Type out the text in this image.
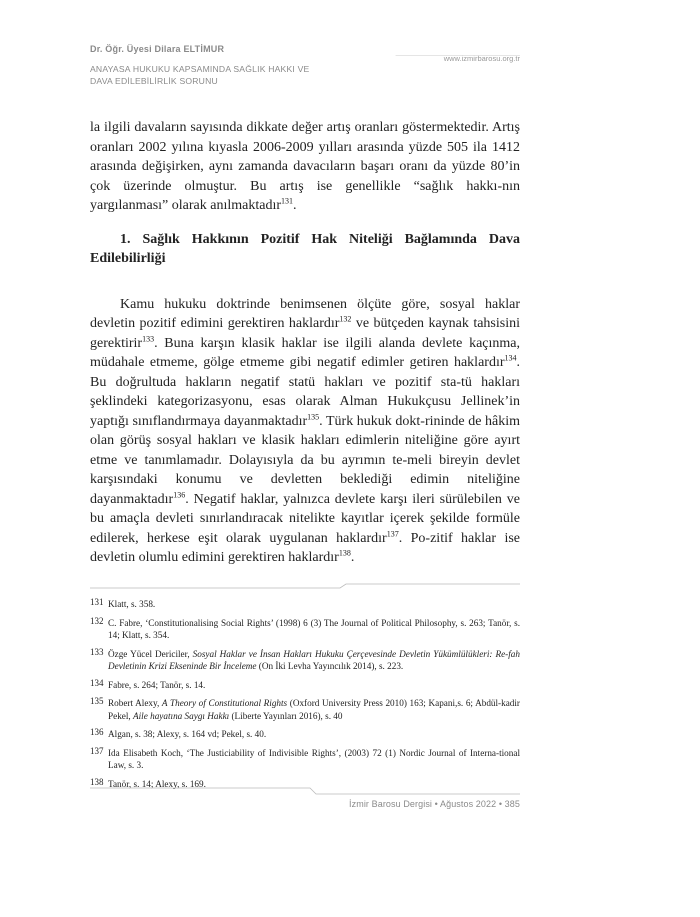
Dr. Öğr. Üyesi Dilara ELTİMUR
www.izmirbarosu.org.tr
ANAYASA HUKUKU KAPSAMINDA SAĞLIK HAKKI VE
DAVA EDİLEBİLİRLİK SORUNU

la ilgili davaların sayısında dikkate değer artış oranları göstermektedir. Artış oranları 2002 yılına kıyasla 2006-2009 yılları arasında yüzde 505 ila 1412 arasında değişirken, aynı zamanda davacıların başarı oranı da yüzde 80’in çok üzerinde olmuştur. Bu artış ise genellikle “sağlık hakkı-nın yargılanması” olarak anılmaktadır$^{131}$.

1. Sağlık Hakkının Pozitif Hak Niteliği Bağlamında Dava Edilebilirliği

Kamu hukuku doktrinde benimsenen ölçüte göre, sosyal haklar devletin pozitif edimini gerektiren haklardır$^{132}$ ve bütçeden kaynak tahsisini gerektirir$^{133}$. Buna karşın klasik haklar ise ilgili alanda devlete kaçınma, müdahale etmeme, gölge etmeme gibi negatif edimler getiren haklardır$^{134}$. Bu doğrultuda hakların negatif statü hakları ve pozitif sta-tü hakları şeklindeki kategorizasyonu, esas olarak Alman Hukukçusu Jellinek’in yaptığı sınıflandırmaya dayanmaktadır$^{135}$. Türk hukuk dokt-rininde de hâkim olan görüş sosyal hakları ve klasik hakları edimlerin niteliğine göre ayırt etme ve tanımlamadır. Dolayısıyla da bu ayrımın te-meli bireyin devlet karşısındaki konumu ve devletten beklediği edimin niteliğine dayanmaktadır$^{136}$. Negatif haklar, yalnızca devlete karşı ileri sürülebilen ve bu amaçla devleti sınırlandıracak nitelikte kayıtlar içerek şekilde formüle edilerek, herkese eşit olarak uygulanan haklardır$^{137}$. Po-zitif haklar ise devletin olumlu edimini gerektiren haklardır$^{138}$.

131 Klatt, s. 358.
132 C. Fabre, ‘Constitutionalising Social Rights’ (1998) 6 (3) The Journal of Political Philosophy, s. 263; Tanör, s. 14; Klatt, s. 354.
133 Özge Yücel Dericiler, Sosyal Haklar ve İnsan Hakları Hukuku Çerçevesinde Devletin Yükümlülükleri: Re-fah Devletinin Krizi Ekseninde Bir İnceleme (On İki Levha Yayıncılık 2014), s. 223.
134 Fabre, s. 264; Tanör, s. 14.
135 Robert Alexy, A Theory of Constitutional Rights (Oxford University Press 2010) 163; Kapani,s. 6; Abdül-kadir Pekel, Aile hayatına Saygı Hakkı (Liberte Yayınları 2016), s. 40
136 Algan, s. 38; Alexy, s. 164 vd; Pekel, s. 40.
137 Ida Elisabeth Koch, ‘The Justiciability of Indivisible Rights’, (2003) 72 (1) Nordic Journal of Interna-tional Law, s. 3.
138 Tanör, s. 14; Alexy, s. 169.
İzmir Barosu Dergisi • Ağustos 2022 • 385
